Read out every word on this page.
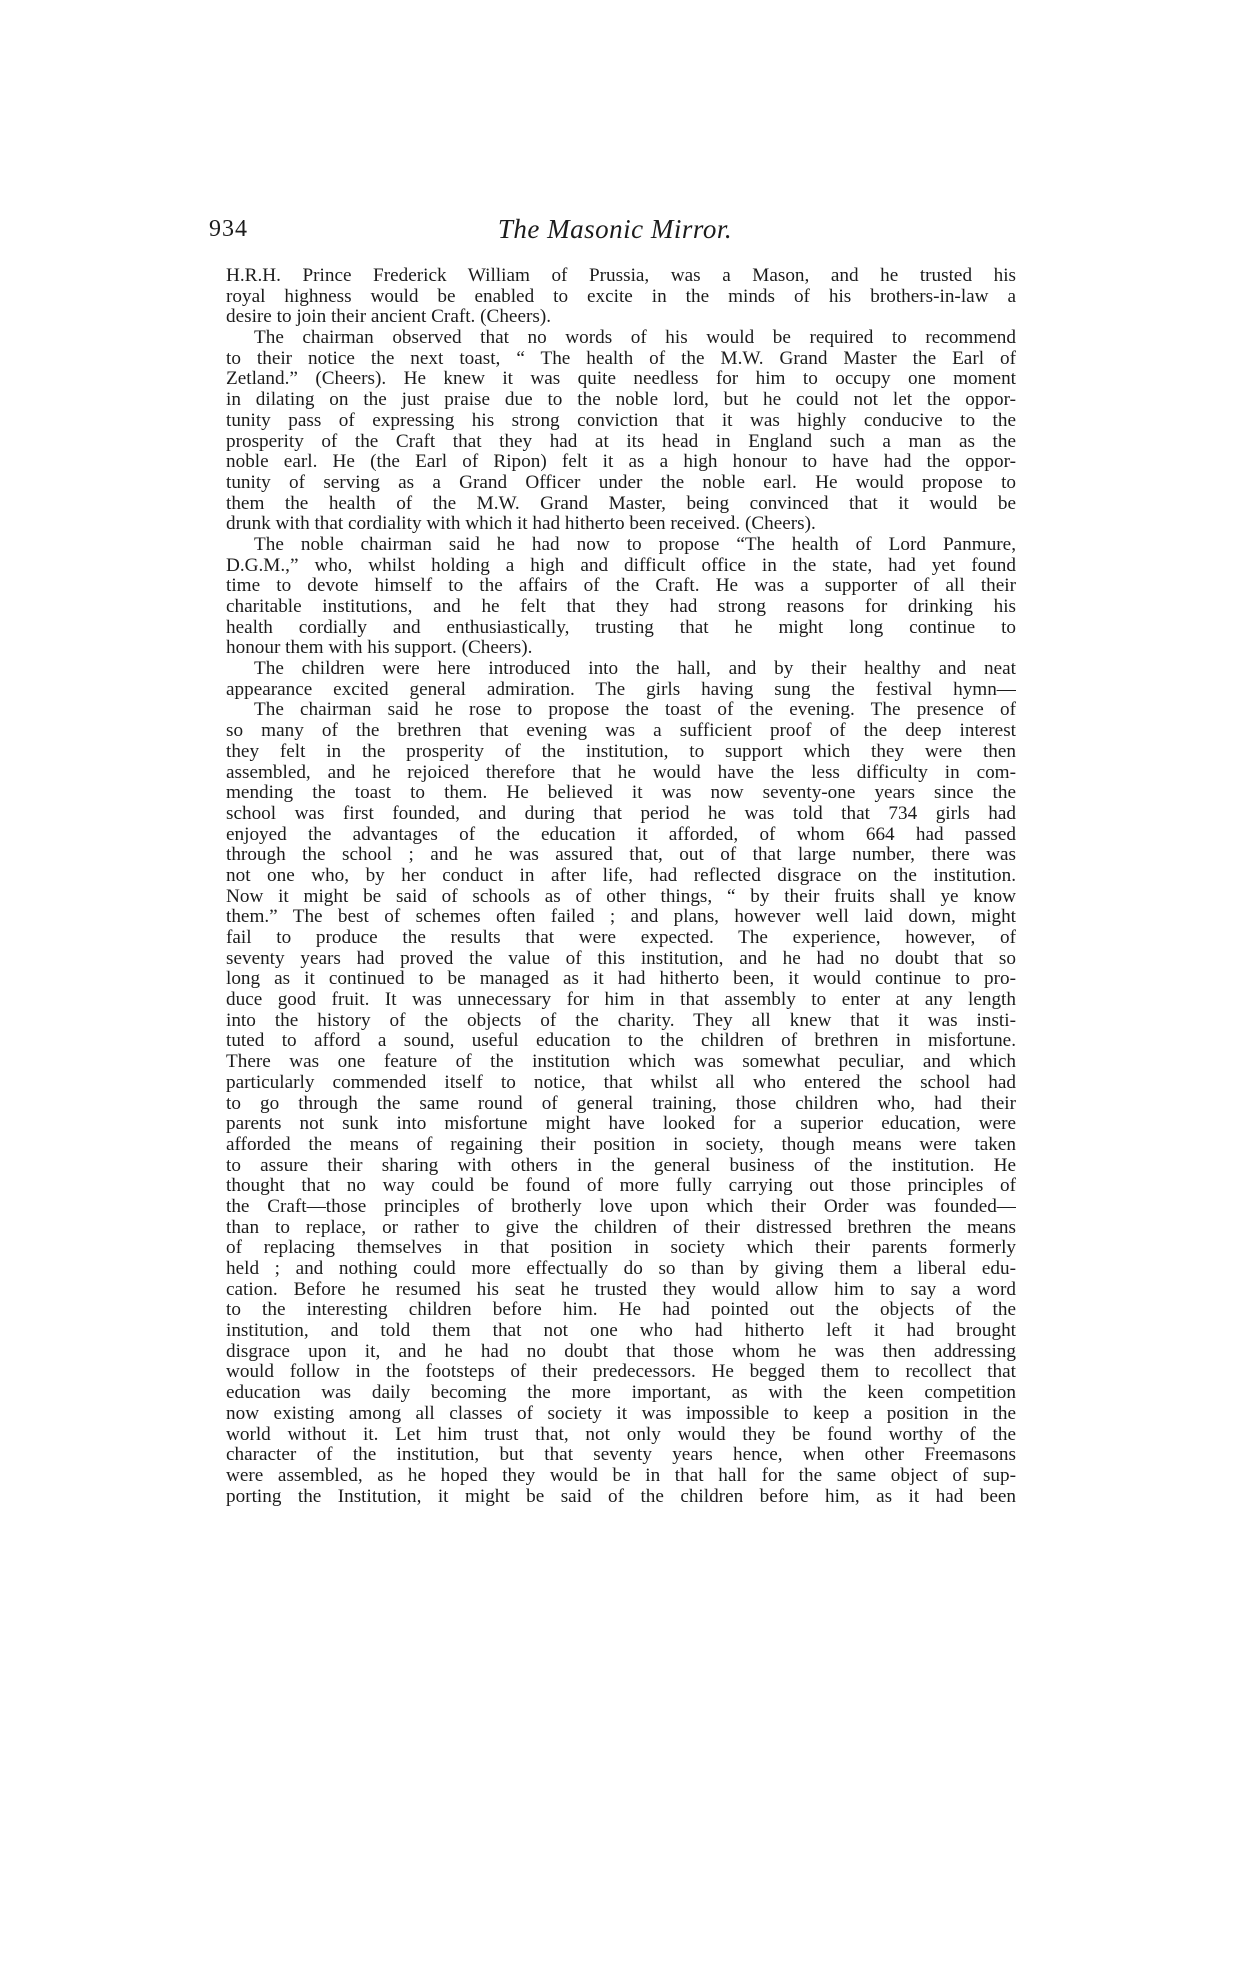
934	The Masonic Mirror.
H.R.H. Prince Frederick William of Prussia, was a Mason, and he trusted his
royal highness would be enabled to excite in the minds of his brothers-in-law a
desire to join their ancient Craft. (Cheers).
The chairman observed that no words of his would be required to recommend
to their notice the next toast, “ The health of the M.W. Grand Master the Earl of
Zetland.” (Cheers). He knew it was quite needless for him to occupy one moment
in dilating on the just praise due to the noble lord, but he could not let the oppor-
tunity pass of expressing his strong conviction that it was highly conducive to the
prosperity of the Craft that they had at its head in England such a man as the
noble earl. He (the Earl of Ripon) felt it as a high honour to have had the oppor-
tunity of serving as a Grand Officer under the noble earl. He would propose to
them the health of the M.W. Grand Master, being convinced that it would be
drunk with that cordiality with which it had hitherto been received. (Cheers).
The noble chairman said he had now to propose “The health of Lord Panmure,
D.G.M.,” who, whilst holding a high and difficult office in the state, had yet found
time to devote himself to the affairs of the Craft. He was a supporter of all their
charitable institutions, and he felt that they had strong reasons for drinking his
health cordially and enthusiastically, trusting that he might long continue to
honour them with his support. (Cheers).
The children were here introduced into the hall, and by their healthy and neat
appearance excited general admiration. The girls having sung the festival hymn—
The chairman said he rose to propose the toast of the evening. The presence of
so many of the brethren that evening was a sufficient proof of the deep interest
they felt in the prosperity of the institution, to support which they were then
assembled, and he rejoiced therefore that he would have the less difficulty in com-
mending the toast to them. He believed it was now seventy-one years since the
school was first founded, and during that period he was told that 734 girls had
enjoyed the advantages of the education it afforded, of whom 664 had passed
through the school ; and he was assured that, out of that large number, there was
not one who, by her conduct in after life, had reflected disgrace on the institution.
Now it might be said of schools as of other things, “ by their fruits shall ye know
them.” The best of schemes often failed ; and plans, however well laid down, might
fail to produce the results that were expected. The experience, however, of
seventy years had proved the value of this institution, and he had no doubt that so
long as it continued to be managed as it had hitherto been, it would continue to pro-
duce good fruit. It was unnecessary for him in that assembly to enter at any length
into the history of the objects of the charity. They all knew that it was insti-
tuted to afford a sound, useful education to the children of brethren in misfortune.
There was one feature of the institution which was somewhat peculiar, and which
particularly commended itself to notice, that whilst all who entered the school had
to go through the same round of general training, those children who, had their
parents not sunk into misfortune might have looked for a superior education, were
afforded the means of regaining their position in society, though means were taken
to assure their sharing with others in the general business of the institution. He
thought that no way could be found of more fully carrying out those principles of
the Craft—those principles of brotherly love upon which their Order was founded—
than to replace, or rather to give the children of their distressed brethren the means
of replacing themselves in that position in society which their parents formerly
held ; and nothing could more effectually do so than by giving them a liberal edu-
cation. Before he resumed his seat he trusted they would allow him to say a word
to the interesting children before him. He had pointed out the objects of the
institution, and told them that not one who had hitherto left it had brought
disgrace upon it, and he had no doubt that those whom he was then addressing
would follow in the footsteps of their predecessors. He begged them to recollect that
education was daily becoming the more important, as with the keen competition
now existing among all classes of society it was impossible to keep a position in the
world without it. Let him trust that, not only would they be found worthy of the
character of the institution, but that seventy years hence, when other Freemasons
were assembled, as he hoped they would be in that hall for the same object of sup-
porting the Institution, it might be said of the children before him, as it had been
